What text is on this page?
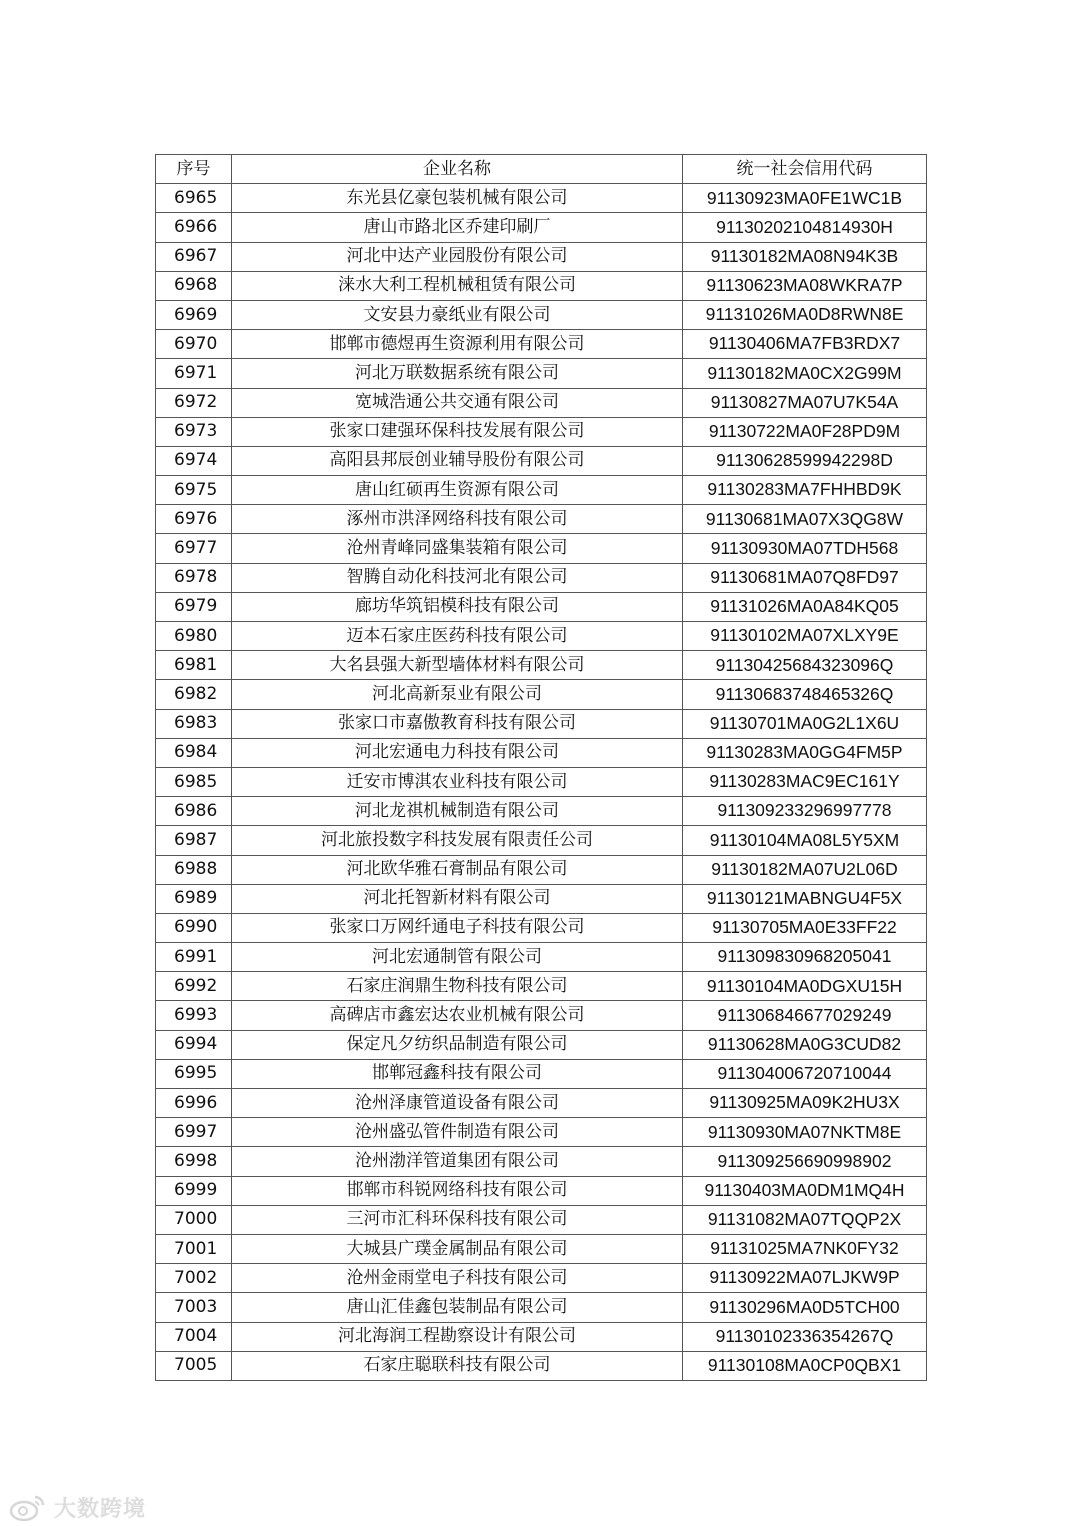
序号	企业名称	统一社会信用代码
6965	东光县亿豪包装机械有限公司	91130923MA0FE1WC1B
6966	唐山市路北区乔建印刷厂	91130202104814930H
6967	河北中达产业园股份有限公司	91130182MA08N94K3B
6968	涞水大利工程机械租赁有限公司	91130623MA08WKRA7P
6969	文安县力豪纸业有限公司	91131026MA0D8RWN8E
6970	邯郸市德煜再生资源利用有限公司	91130406MA7FB3RDX7
6971	河北万联数据系统有限公司	91130182MA0CX2G99M
6972	宽城浩通公共交通有限公司	91130827MA07U7K54A
6973	张家口建强环保科技发展有限公司	91130722MA0F28PD9M
6974	高阳县邦辰创业辅导股份有限公司	91130628599942298D
6975	唐山红硕再生资源有限公司	91130283MA7FHHBD9K
6976	涿州市洪泽网络科技有限公司	91130681MA07X3QG8W
6977	沧州青峰同盛集装箱有限公司	91130930MA07TDH568
6978	智腾自动化科技河北有限公司	91130681MA07Q8FD97
6979	廊坊华筑铝模科技有限公司	91131026MA0A84KQ05
6980	迈本石家庄医药科技有限公司	91130102MA07XLXY9E
6981	大名县强大新型墙体材料有限公司	91130425684323096Q
6982	河北高新泵业有限公司	91130683748465326Q
6983	张家口市嘉傲教育科技有限公司	91130701MA0G2L1X6U
6984	河北宏通电力科技有限公司	91130283MA0GG4FM5P
6985	迁安市博淇农业科技有限公司	91130283MAC9EC161Y
6986	河北龙祺机械制造有限公司	911309233296997778
6987	河北旅投数字科技发展有限责任公司	91130104MA08L5Y5XM
6988	河北欧华雅石膏制品有限公司	91130182MA07U2L06D
6989	河北托智新材料有限公司	91130121MABNGU4F5X
6990	张家口万网纤通电子科技有限公司	91130705MA0E33FF22
6991	河北宏通制管有限公司	911309830968205041
6992	石家庄润鼎生物科技有限公司	91130104MA0DGXU15H
6993	高碑店市鑫宏达农业机械有限公司	911306846677029249
6994	保定凡夕纺织品制造有限公司	91130628MA0G3CUD82
6995	邯郸冠鑫科技有限公司	911304006720710044
6996	沧州泽康管道设备有限公司	91130925MA09K2HU3X
6997	沧州盛弘管件制造有限公司	91130930MA07NKTM8E
6998	沧州渤洋管道集团有限公司	911309256690998902
6999	邯郸市科锐网络科技有限公司	91130403MA0DM1MQ4H
7000	三河市汇科环保科技有限公司	91131082MA07TQQP2X
7001	大城县广璞金属制品有限公司	91131025MA7NK0FY32
7002	沧州金雨堂电子科技有限公司	91130922MA07LJKW9P
7003	唐山汇佳鑫包装制品有限公司	91130296MA0D5TCH00
7004	河北海润工程勘察设计有限公司	91130102336354267Q
7005	石家庄聪联科技有限公司	91130108MA0CP0QBX1
大数跨境
